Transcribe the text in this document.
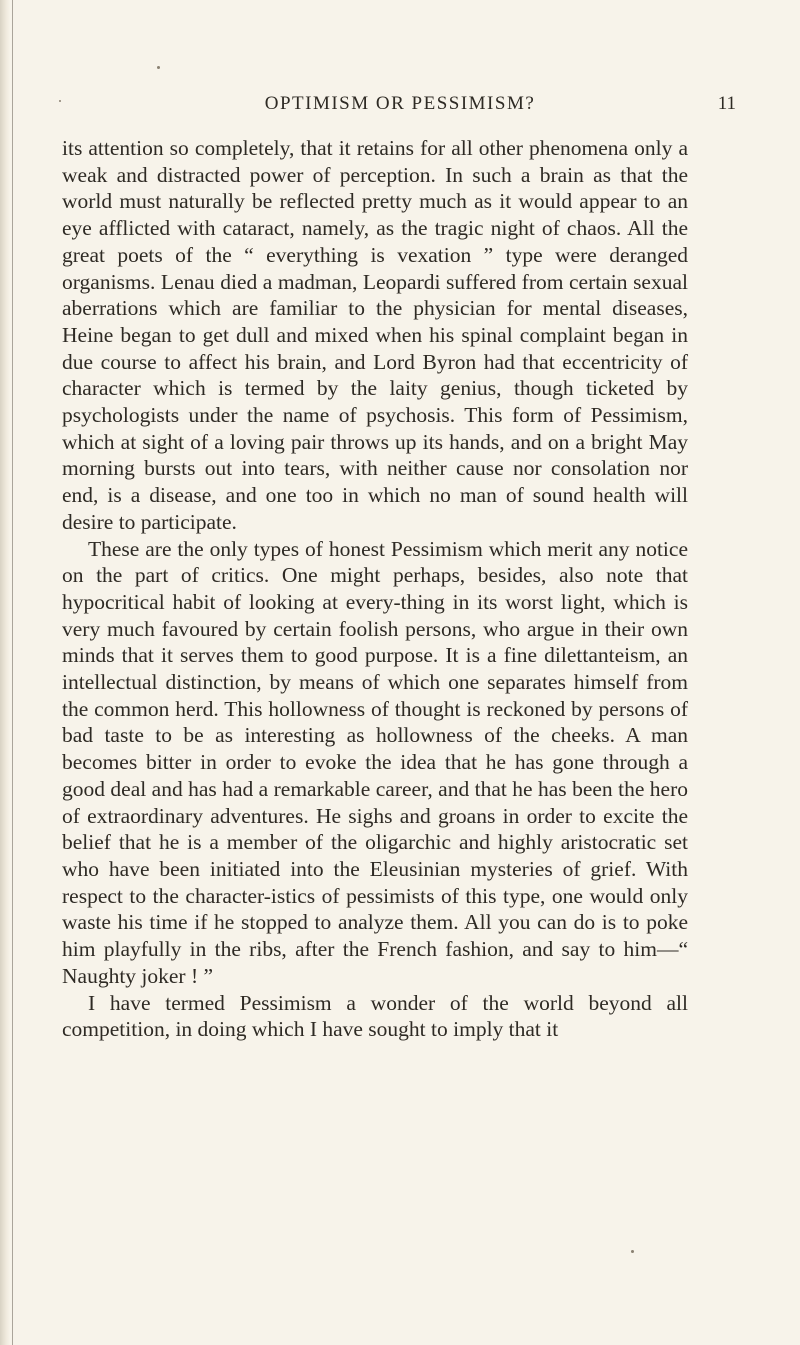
OPTIMISM OR PESSIMISM?	11

its attention so completely, that it retains for all other phenomena only a weak and distracted power of perception. In such a brain as that the world must naturally be reflected pretty much as it would appear to an eye afflicted with cataract, namely, as the tragic night of chaos. All the great poets of the “ everything is vexation ” type were deranged organisms. Lenau died a madman, Leopardi suffered from certain sexual aberrations which are familiar to the physician for mental diseases, Heine began to get dull and mixed when his spinal complaint began in due course to affect his brain, and Lord Byron had that eccentricity of character which is termed by the laity genius, though ticketed by psychologists under the name of psychosis. This form of Pessimism, which at sight of a loving pair throws up its hands, and on a bright May morning bursts out into tears, with neither cause nor consolation nor end, is a disease, and one too in which no man of sound health will desire to participate.

These are the only types of honest Pessimism which merit any notice on the part of critics. One might perhaps, besides, also note that hypocritical habit of looking at every-thing in its worst light, which is very much favoured by certain foolish persons, who argue in their own minds that it serves them to good purpose. It is a fine dilettanteism, an intellectual distinction, by means of which one separates himself from the common herd. This hollowness of thought is reckoned by persons of bad taste to be as interesting as hollowness of the cheeks. A man becomes bitter in order to evoke the idea that he has gone through a good deal and has had a remarkable career, and that he has been the hero of extraordinary adventures. He sighs and groans in order to excite the belief that he is a member of the oligarchic and highly aristocratic set who have been initiated into the Eleusinian mysteries of grief. With respect to the character-istics of pessimists of this type, one would only waste his time if he stopped to analyze them. All you can do is to poke him playfully in the ribs, after the French fashion, and say to him—“ Naughty joker ! ”

I have termed Pessimism a wonder of the world beyond all competition, in doing which I have sought to imply that it
